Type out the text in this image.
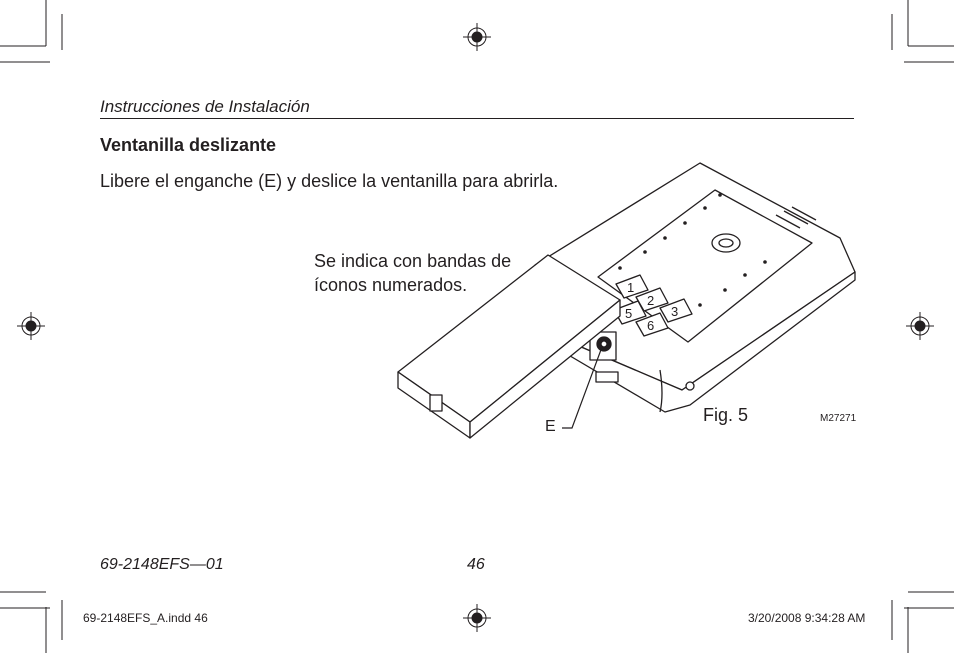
Instrucciones de Instalación
Ventanilla deslizante
Libere el enganche (E) y deslice la ventanilla para abrirla.
Se indica con bandas de
íconos numerados.
E
Fig. 5	M27271
69-2148EFS—01	46
69-2148EFS_A.indd 46	3/20/2008 9:34:28 AM
1
2
3
5
6
